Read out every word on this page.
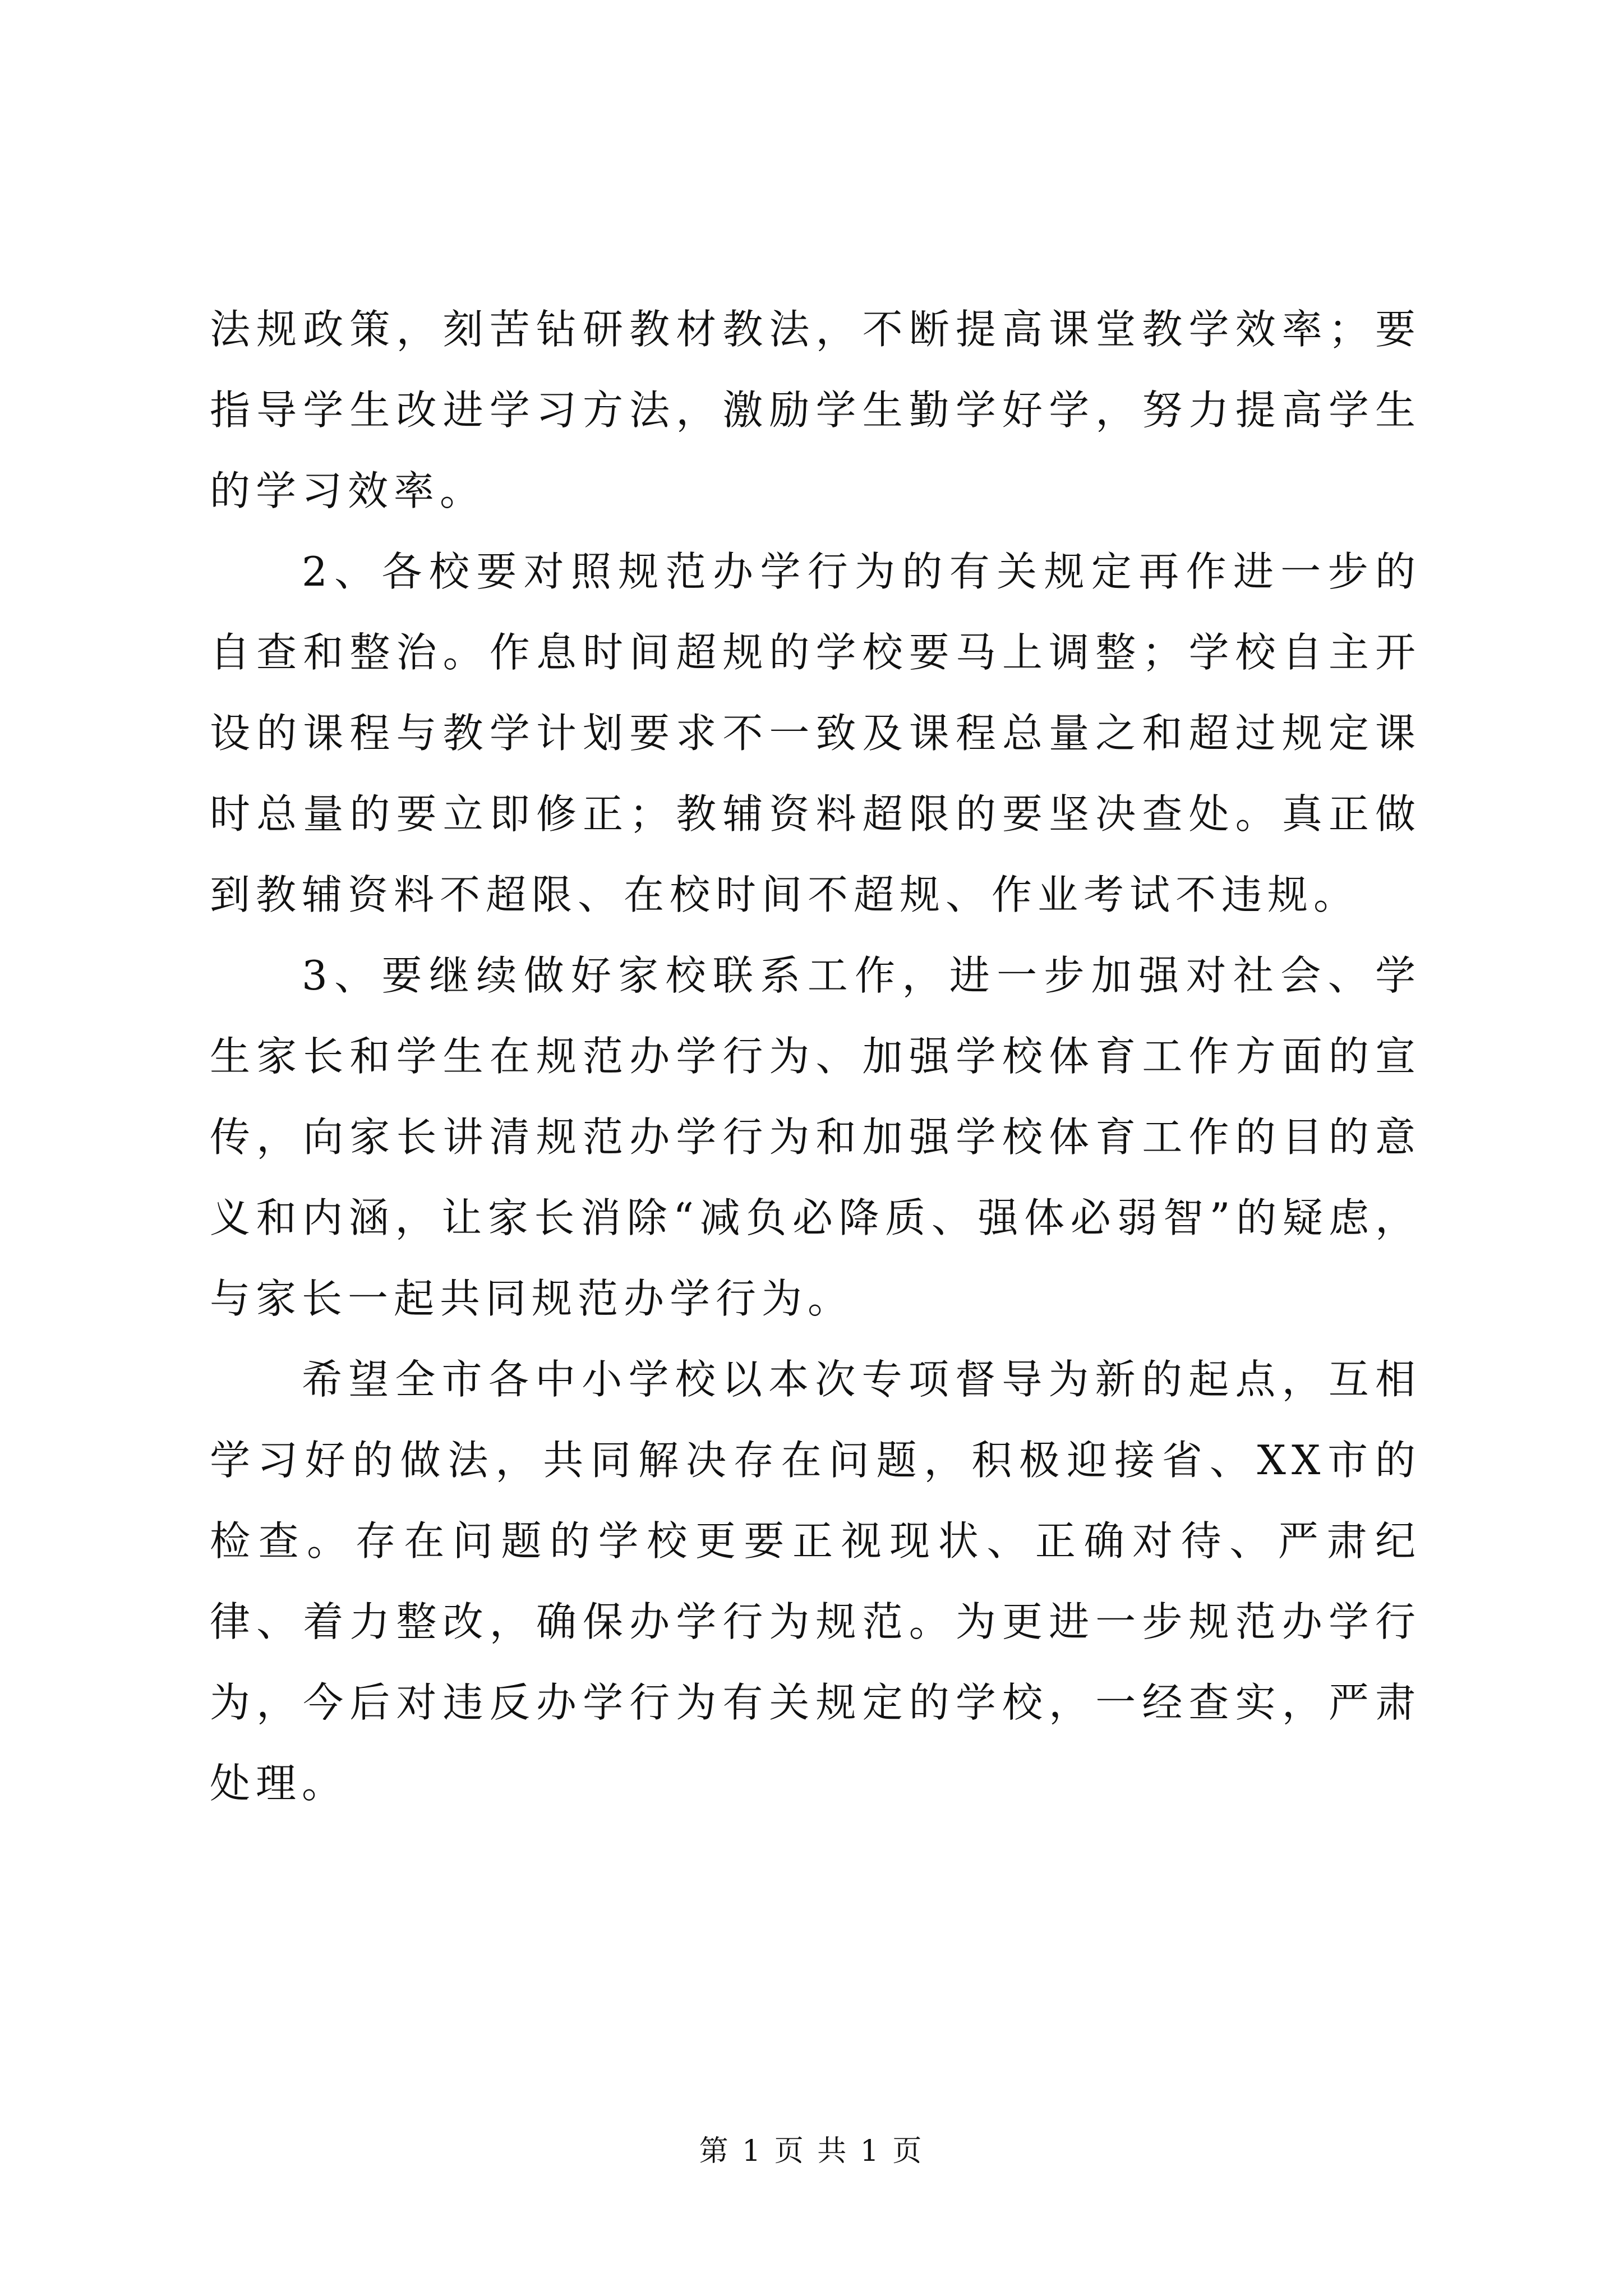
法规政策，刻苦钻研教材教法，不断提高课堂教学效率；要指导学生改进学习方法，激励学生勤学好学，努力提高学生的学习效率。

2、各校要对照规范办学行为的有关规定再作进一步的自查和整治。作息时间超规的学校要马上调整；学校自主开设的课程与教学计划要求不一致及课程总量之和超过规定课时总量的要立即修正；教辅资料超限的要坚决查处。真正做到教辅资料不超限、在校时间不超规、作业考试不违规。

3、要继续做好家校联系工作，进一步加强对社会、学生家长和学生在规范办学行为、加强学校体育工作方面的宣传，向家长讲清规范办学行为和加强学校体育工作的目的意义和内涵，让家长消除“减负必降质、强体必弱智”的疑虑，与家长一起共同规范办学行为。

希望全市各中小学校以本次专项督导为新的起点，互相学习好的做法，共同解决存在问题，积极迎接省、XX市的检查。存在问题的学校更要正视现状、正确对待、严肃纪律、着力整改，确保办学行为规范。为更进一步规范办学行为，今后对违反办学行为有关规定的学校，一经查实，严肃处理。

第 1 页 共 1 页
